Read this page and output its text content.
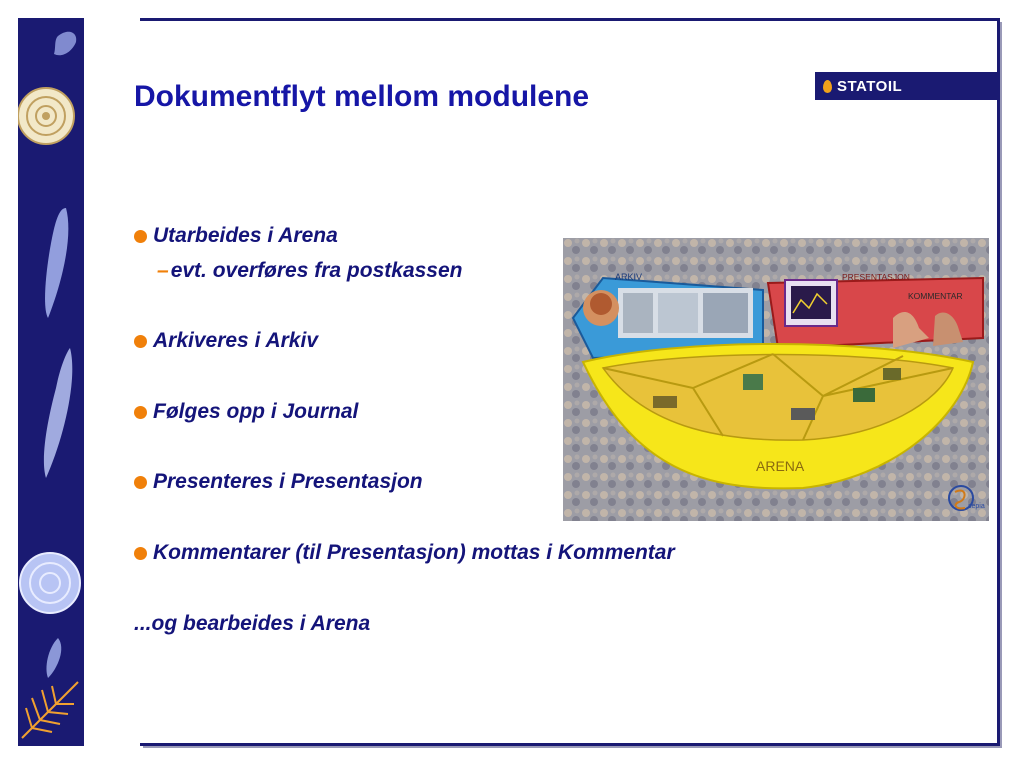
STATOIL
Dokumentflyt mellom modulene
Utarbeides i Arena
–evt. overføres fra postkassen
Arkiveres i Arkiv
Følges opp i Journal
Presenteres i Presentasjon
Kommentarer (til Presentasjon) mottas i Kommentar
...og bearbeides i Arena
ARKIV	PRESENTASJON
KOMMENTAR
ARENA
sepia
